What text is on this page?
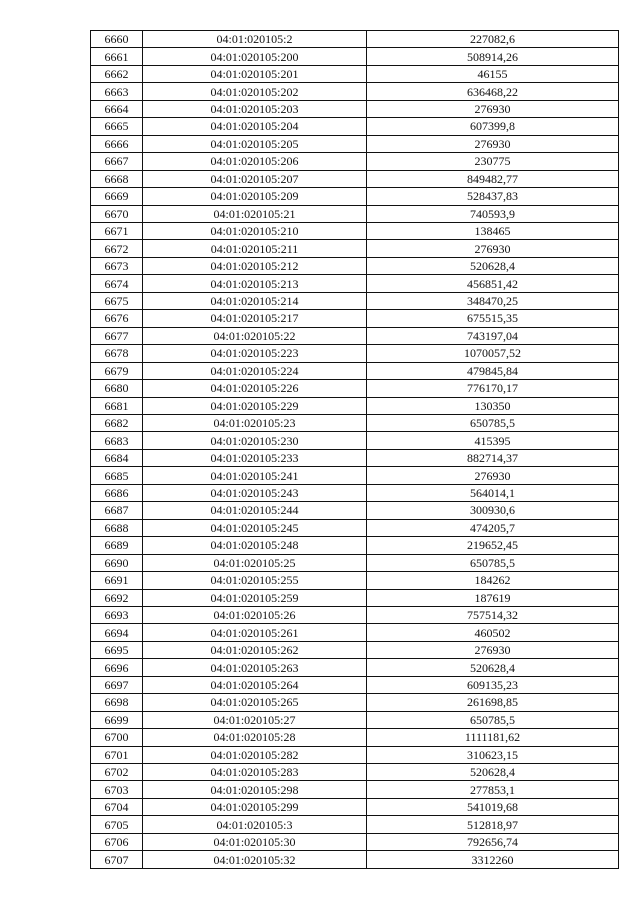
6660	04:01:020105:2	227082,6
6661	04:01:020105:200	508914,26
6662	04:01:020105:201	46155
6663	04:01:020105:202	636468,22
6664	04:01:020105:203	276930
6665	04:01:020105:204	607399,8
6666	04:01:020105:205	276930
6667	04:01:020105:206	230775
6668	04:01:020105:207	849482,77
6669	04:01:020105:209	528437,83
6670	04:01:020105:21	740593,9
6671	04:01:020105:210	138465
6672	04:01:020105:211	276930
6673	04:01:020105:212	520628,4
6674	04:01:020105:213	456851,42
6675	04:01:020105:214	348470,25
6676	04:01:020105:217	675515,35
6677	04:01:020105:22	743197,04
6678	04:01:020105:223	1070057,52
6679	04:01:020105:224	479845,84
6680	04:01:020105:226	776170,17
6681	04:01:020105:229	130350
6682	04:01:020105:23	650785,5
6683	04:01:020105:230	415395
6684	04:01:020105:233	882714,37
6685	04:01:020105:241	276930
6686	04:01:020105:243	564014,1
6687	04:01:020105:244	300930,6
6688	04:01:020105:245	474205,7
6689	04:01:020105:248	219652,45
6690	04:01:020105:25	650785,5
6691	04:01:020105:255	184262
6692	04:01:020105:259	187619
6693	04:01:020105:26	757514,32
6694	04:01:020105:261	460502
6695	04:01:020105:262	276930
6696	04:01:020105:263	520628,4
6697	04:01:020105:264	609135,23
6698	04:01:020105:265	261698,85
6699	04:01:020105:27	650785,5
6700	04:01:020105:28	1111181,62
6701	04:01:020105:282	310623,15
6702	04:01:020105:283	520628,4
6703	04:01:020105:298	277853,1
6704	04:01:020105:299	541019,68
6705	04:01:020105:3	512818,97
6706	04:01:020105:30	792656,74
6707	04:01:020105:32	3312260
